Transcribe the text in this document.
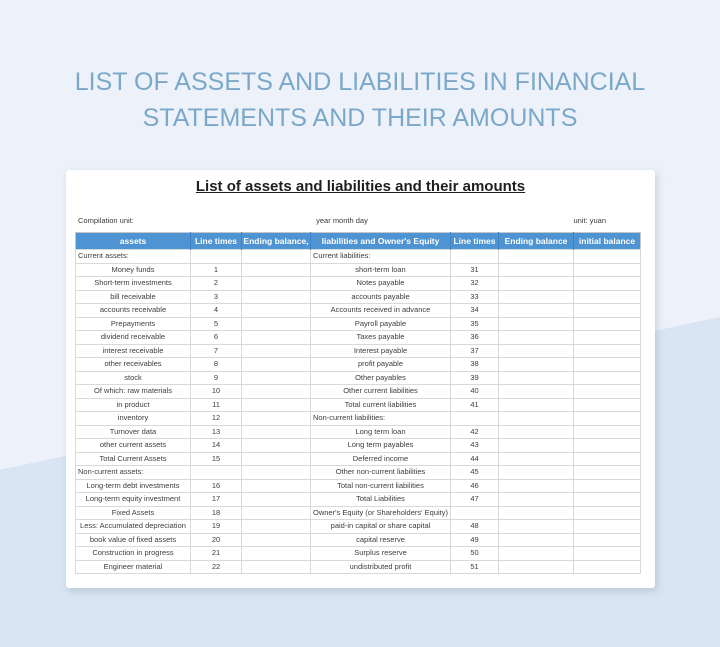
LIST OF ASSETS AND LIABILITIES IN FINANCIAL STATEMENTS AND THEIR AMOUNTS
List of assets and liabilities and their amounts
Compilation unit:	year month day	unit: yuan
assets	Line times	Ending balance,	liabilities and Owner's Equity	Line times	Ending balance	initial balance
Current assets:			Current liabilities:			
Money funds	1		short-term loan	31		
Short-term investments	2		Notes payable	32		
bill receivable	3		accounts payable	33		
accounts receivable	4		Accounts received in advance	34		
Prepayments	5		Payroll payable	35		
dividend receivable	6		Taxes payable	36		
interest receivable	7		Interest payable	37		
other receivables	8		profit payable	38		
stock	9		Other payables	39		
Of which: raw materials	10		Other current liabilities	40		
in product	11		Total current liabilities	41		
inventory	12		Non-current liabilities:			
Turnover data	13		Long term loan	42		
other current assets	14		Long term payables	43		
Total Current Assets	15		Deferred income	44		
Non-current assets:			Other non-current liabilities	45		
Long-term debt investments	16		Total non-current liabilities	46		
Long-term equity investment	17		Total Liabilities	47		
Fixed Assets	18		Owner's Equity (or Shareholders' Equity)			
Less: Accumulated depreciation	19		paid-in capital or share capital	48		
book value of fixed assets	20		capital reserve	49		
Construction in progress	21		Surplus reserve	50		
Engineer material	22		undistributed profit	51		
